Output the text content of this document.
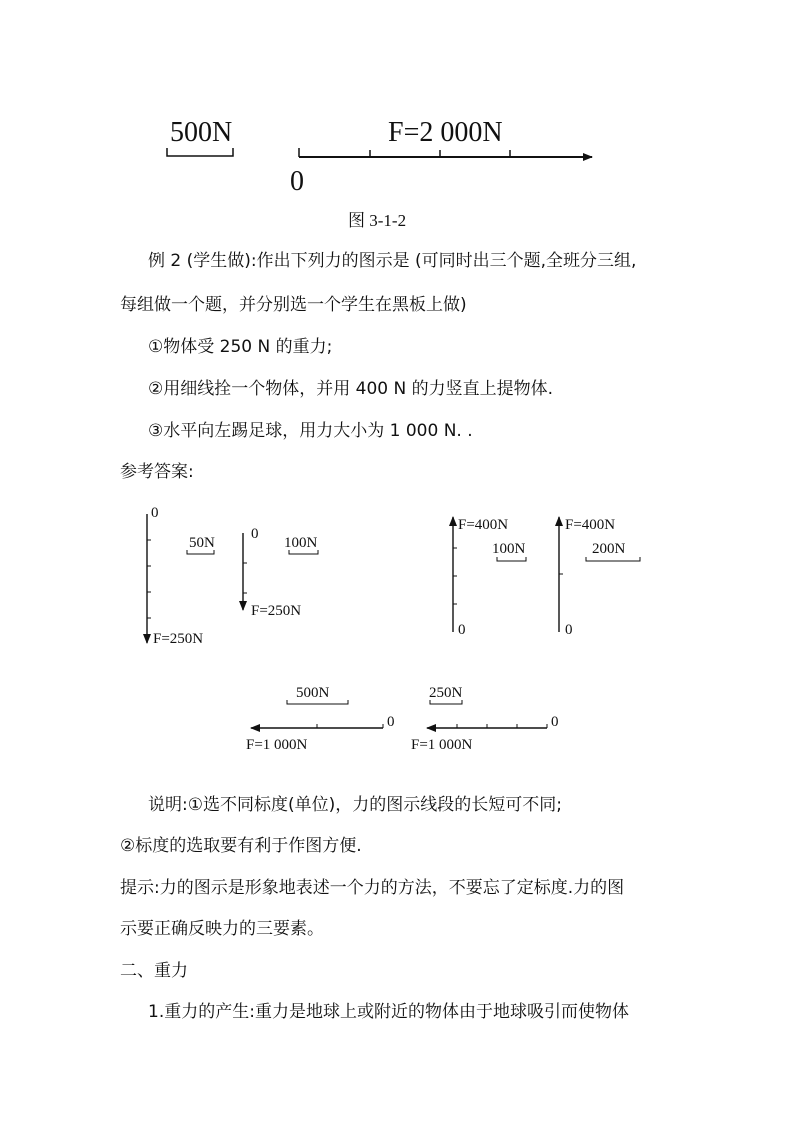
500N	F=2 000N
0
图 3-1-2
0
50N
F=250N
0
100N
F=250N
F=400N
100N
0
F=400N
200N
0
500N
0
F=1 000N
250N
0
F=1 000N
例 2 (学生做):作出下列力的图示是 (可同时出三个题,全班分三组,
每组做一个题，并分别选一个学生在黑板上做)
①物体受 250 N 的重力;
②用细线拴一个物体，并用 400 N 的力竖直上提物体.
③水平向左踢足球，用力大小为 1 000 N. .
参考答案:
说明:①选不同标度(单位)，力的图示线段的长短可不同;
②标度的选取要有利于作图方便.
提示:力的图示是形象地表述一个力的方法，不要忘了定标度.力的图
示要正确反映力的三要素。
二、重力
1.重力的产生:重力是地球上或附近的物体由于地球吸引而使物体
